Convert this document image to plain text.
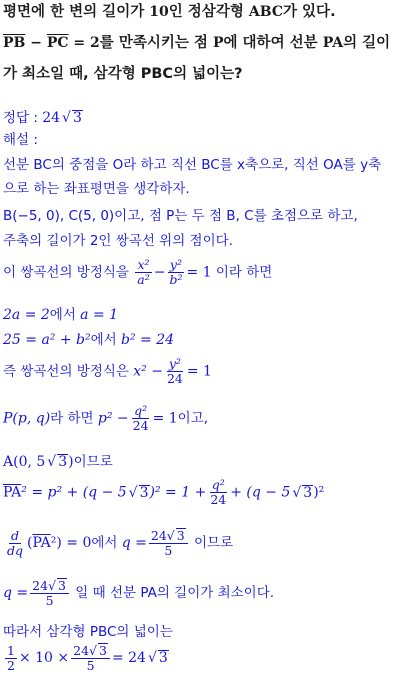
평면에 한 변의 길이가 10인 정삼각형 ABC가 있다.
$\overline{PB} - \overline{PC} = 2$를 만족시키는 점 P에 대하여 선분 PA의 길이
가 최소일 때, 삼각형 PBC의 넓이는?
정답 : 24 √ 3
해설 :
선분 BC의 중점을 O라 하고 직선 BC를 x축으로, 직선 OA를 y축
으로 하는 좌표평면을 생각하자.
B(−5, 0), C(5, 0)이고, 점 P는 두 점 B, C를 초점으로 하고,
주축의 길이가 2인 쌍곡선 위의 점이다.
이 쌍곡선의 방정식을 $\frac{\text{x²}}{\text{a²}} - \frac{\text{y²}}{\text{b²}} = 1$ 이라 하면
2a = 2에서 a = 1
25 = a² + b²에서 b² = 24
즉 쌍곡선의 방정식은 $x^2 - \frac{\text{y²}}{24} = 1$
P(p, q)라 하면 $p^2 - \frac{\text{q²}}{24} = 1$이고,
A(0, 5 √ 3)이므로
$\overline{PA}^2 = p^2 + (q - 5$ √ $3)^2 = 1 + \frac{\text{q²}}{24} + (q - 5$ √ 3)²
$\frac{d}{dq} (\overline{PA}^2) = 0$에서 $q = \frac{24√ 3}{5}$ 이므로
$q = \frac{24√ 3}{5}$ 일 때 선분 PA의 길이가 최소이다.
따라서 삼각형 PBC의 넓이는
$\frac{1}{2} \times 10 \times \frac{24√ 3}{5} = 24$ √ 3
